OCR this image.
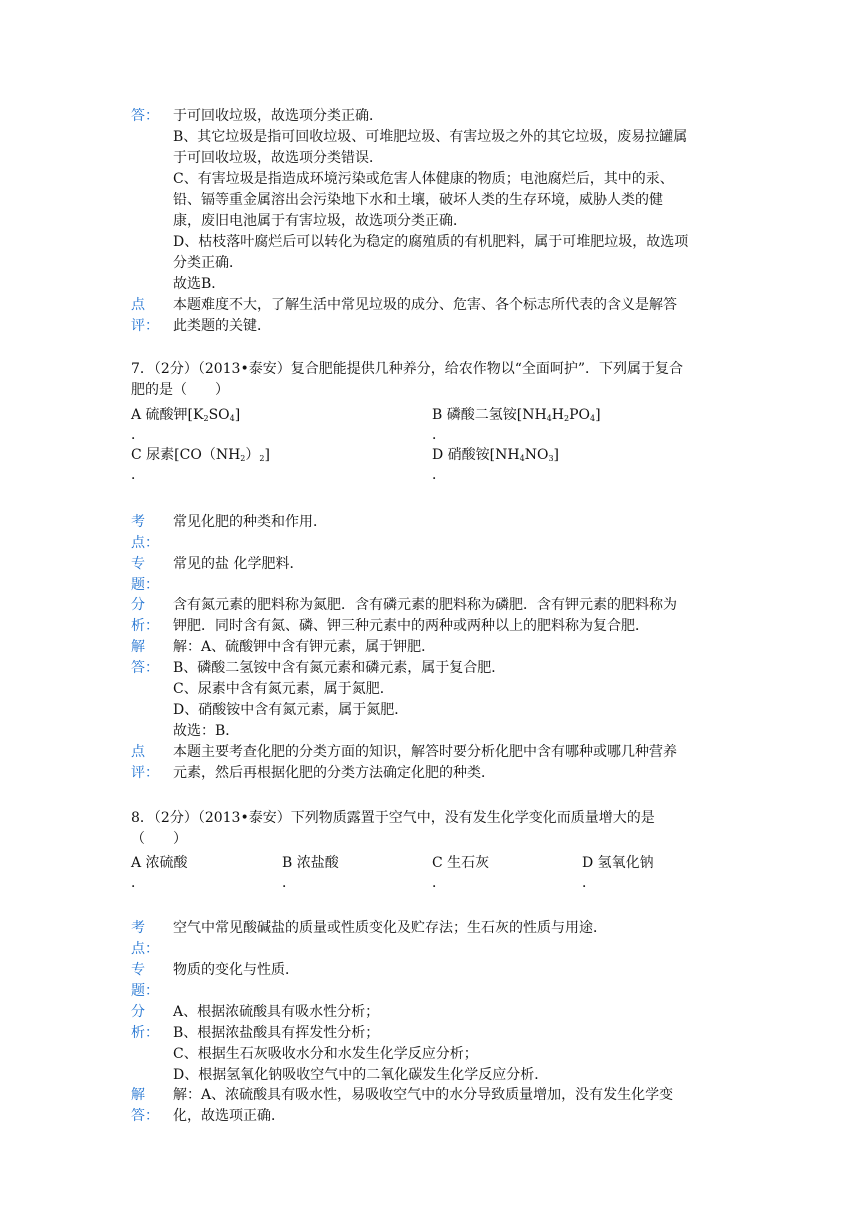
答： 于可回收垃圾，故选项分类正确．
B、其它垃圾是指可回收垃圾、可堆肥垃圾、有害垃圾之外的其它垃圾，废易拉罐属
于可回收垃圾，故选项分类错误．
C、有害垃圾是指造成环境污染或危害人体健康的物质；电池腐烂后，其中的汞、
铅、镉等重金属溶出会污染地下水和土壤，破坏人类的生存环境，威胁人类的健
康，废旧电池属于有害垃圾，故选项分类正确．
D、枯枝落叶腐烂后可以转化为稳定的腐殖质的有机肥料，属于可堆肥垃圾，故选项
分类正确．
故选B．
点
评：
本题难度不大，了解生活中常见垃圾的成分、危害、各个标志所代表的含义是解答
此类题的关键．
7．（2分）（2013•泰安）复合肥能提供几种养分，给农作物以“全面呵护”．下列属于复合
肥的是（　　）
A 硫酸钾$[K_2SO_4]$
．
B 磷酸二氢铵$[NH_4H_2PO_4]$
．
C 尿素$[CO(NH_2)_2]$
．
D 硝酸铵$[NH_4NO_3]$
．
考
点：
常见化肥的种类和作用．
专
题：
常见的盐 化学肥料．
分
析：
含有氮元素的肥料称为氮肥．含有磷元素的肥料称为磷肥．含有钾元素的肥料称为
钾肥．同时含有氮、磷、钾三种元素中的两种或两种以上的肥料称为复合肥．
解
答：
解：A、硫酸钾中含有钾元素，属于钾肥．
B、磷酸二氢铵中含有氮元素和磷元素，属于复合肥．
C、尿素中含有氮元素，属于氮肥．
D、硝酸铵中含有氮元素，属于氮肥．
故选：B．
点
评：
本题主要考查化肥的分类方面的知识，解答时要分析化肥中含有哪种或哪几种营养
元素，然后再根据化肥的分类方法确定化肥的种类．
8．（2分）（2013•泰安）下列物质露置于空气中，没有发生化学变化而质量增大的是
（　　）
A 浓硫酸
．
B 浓盐酸
．
C 生石灰
．
D 氢氧化钠
．
考
点：
空气中常见酸碱盐的质量或性质变化及贮存法；生石灰的性质与用途．
专
题：
物质的变化与性质．
分
析：
A、根据浓硫酸具有吸水性分析；
B、根据浓盐酸具有挥发性分析；
C、根据生石灰吸收水分和水发生化学反应分析；
D、根据氢氧化钠吸收空气中的二氧化碳发生化学反应分析．
解
答：
解：A、浓硫酸具有吸水性，易吸收空气中的水分导致质量增加，没有发生化学变
化，故选项正确．
